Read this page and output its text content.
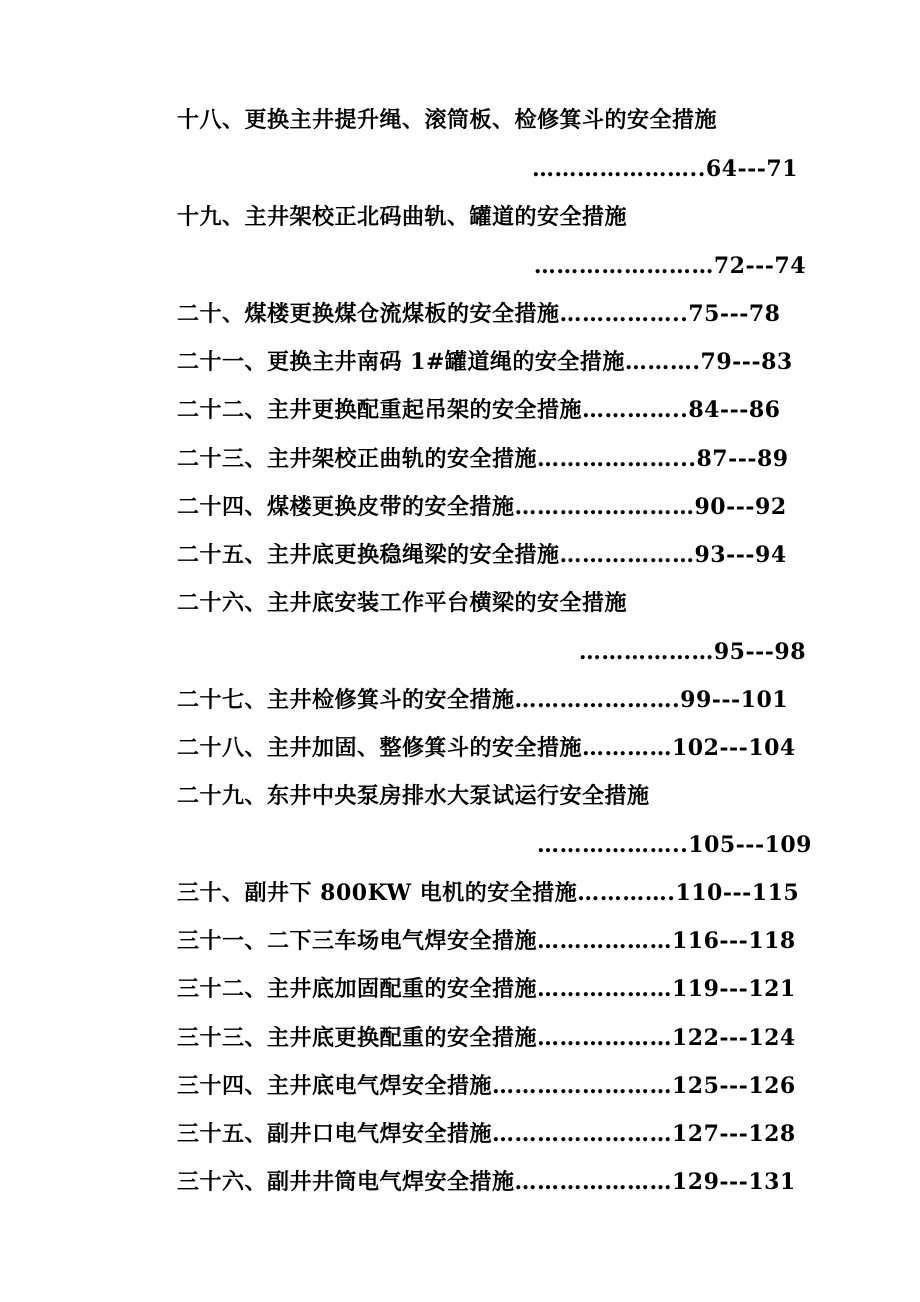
十八、更换主井提升绳、滚筒板、检修箕斗的安全措施
…………………..64---71
十九、主井架校正北码曲轨、罐道的安全措施
……………………72---74
二十、煤楼更换煤仓流煤板的安全措施……………..75---78
二十一、更换主井南码 1#罐道绳的安全措施……….79---83
二十二、主井更换配重起吊架的安全措施…………..84---86
二十三、主井架校正曲轨的安全措施………………...87---89
二十四、煤楼更换皮带的安全措施……………………90---92
二十五、主井底更换稳绳梁的安全措施………………93---94
二十六、主井底安装工作平台横梁的安全措施
………………95---98
二十七、主井检修箕斗的安全措施………………….99---101
二十八、主井加固、整修箕斗的安全措施…………102---104
二十九、东井中央泵房排水大泵试运行安全措施
………………..105---109
三十、副井下 800KW 电机的安全措施………….110---115
三十一、二下三车场电气焊安全措施………………116---118
三十二、主井底加固配重的安全措施………………119---121
三十三、主井底更换配重的安全措施………………122---124
三十四、主井底电气焊安全措施……………………125---126
三十五、副井口电气焊安全措施……………………127---128
三十六、副井井筒电气焊安全措施…………………129---131
